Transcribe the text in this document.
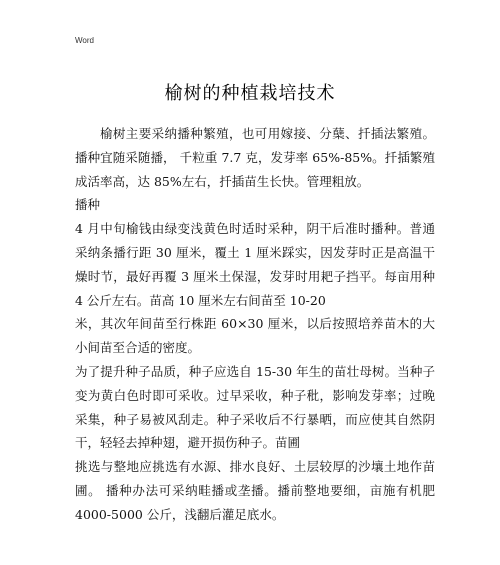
Word
榆树的种植栽培技术

榆树主要采纳播种繁殖，也可用嫁接、分蘖、扦插法繁殖。播种宜随采随播， 千粒重 7.7 克，发芽率 65%-85%。扦插繁殖成活率高，达 85%左右，扦插苗生长快。管理粗放。

播种

4 月中旬榆钱由绿变浅黄色时适时采种，阴干后准时播种。普通采纳条播行距 30 厘米，覆土 1 厘米踩实，因发芽时正是高温干燥时节，最好再覆 3 厘米土保湿，发芽时用耙子挡平。每亩用种 4 公斤左右。苗高 10 厘米左右间苗至 10-20

米，其次年间苗至行株距 60×30 厘米，以后按照培养苗木的大小间苗至合适的密度。

为了提升种子品质，种子应选自 15-30 年生的苗壮母树。当种子变为黄白色时即可采收。过早采收，种子秕，影响发芽率；过晚采集，种子易被风刮走。种子采收后不行暴晒，而应使其自然阴干，轻轻去掉种翅，避开损伤种子。苗圃

挑选与整地应挑选有水源、排水良好、土层较厚的沙壤土地作苗圃。 播种办法可采纳畦播或垄播。播前整地要细，亩施有机肥 4000-5000 公斤，浅翻后灌足底水。
